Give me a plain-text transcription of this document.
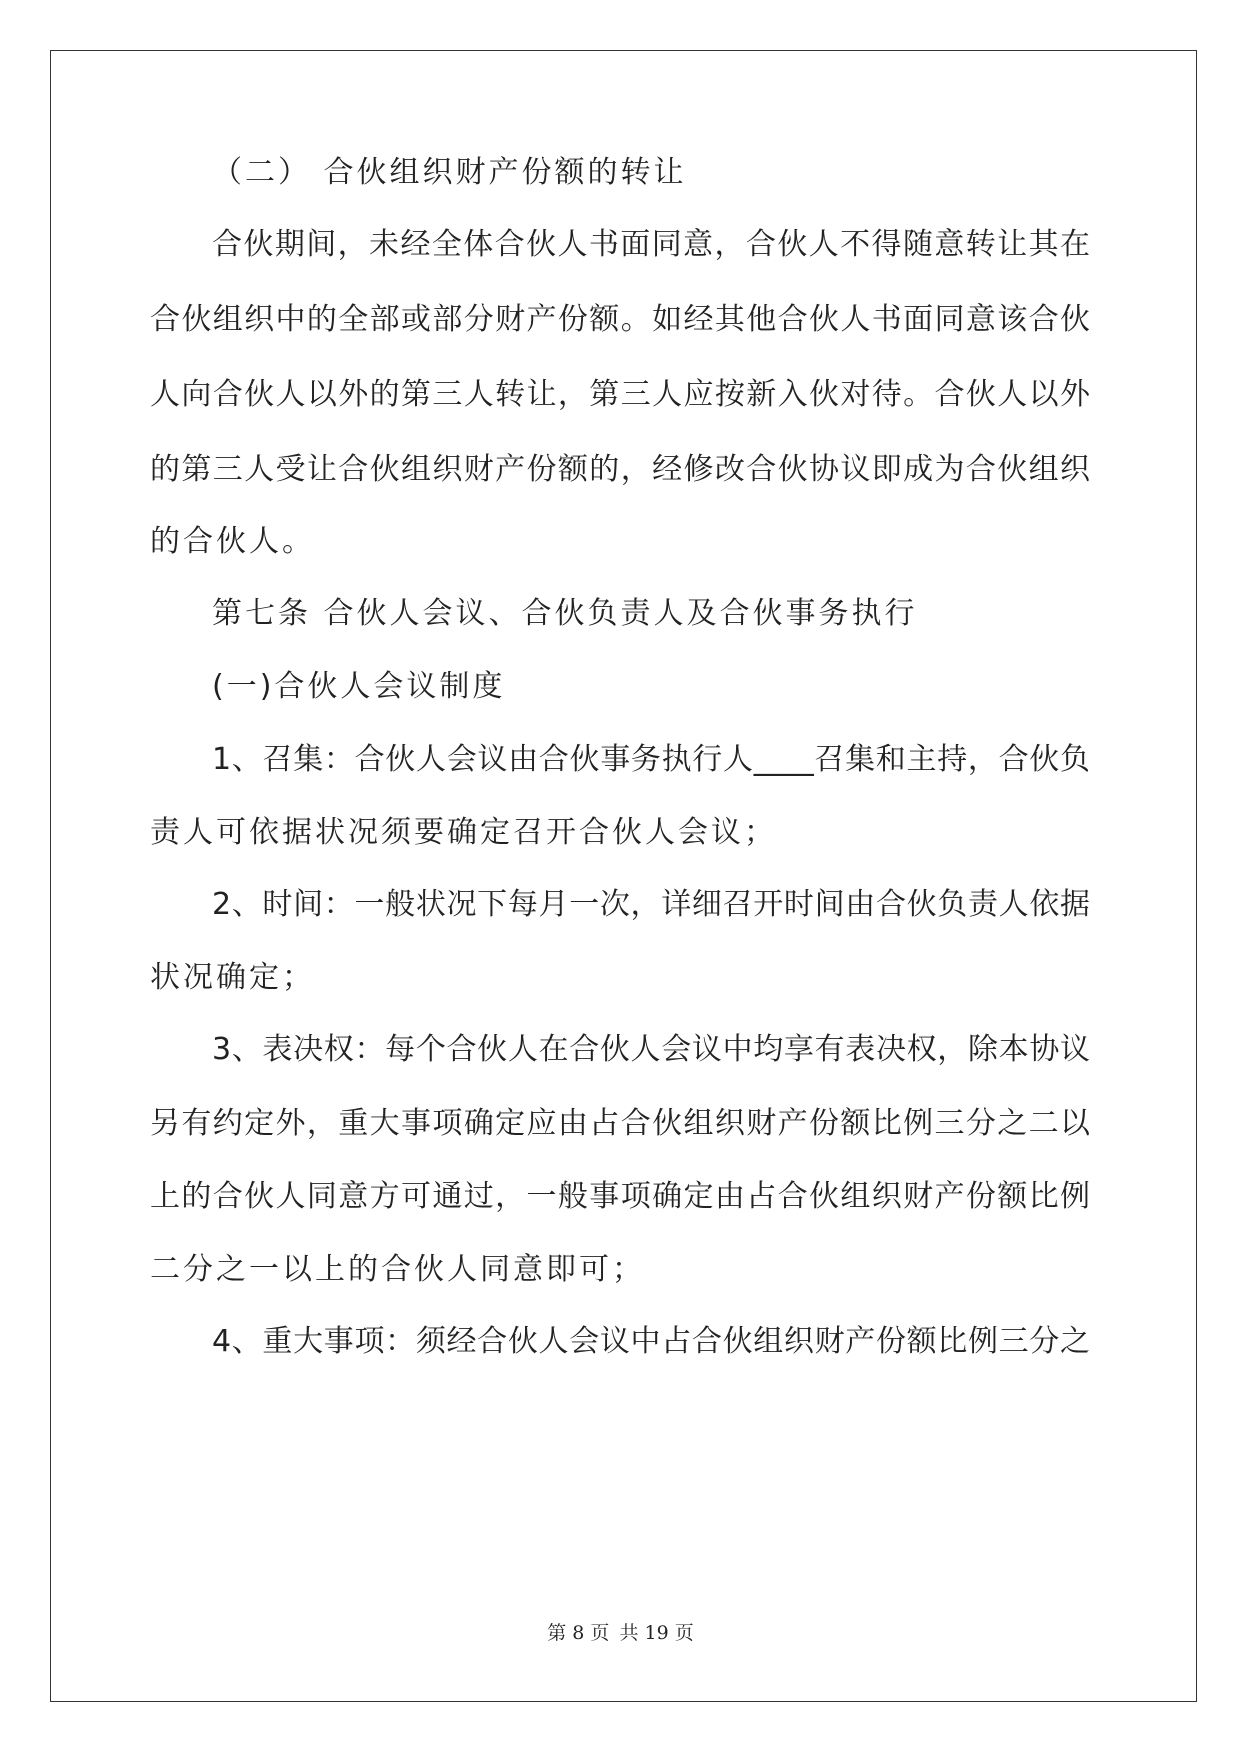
（二） 合伙组织财产份额的转让
合伙期间，未经全体合伙人书面同意，合伙人不得随意转让其在
合伙组织中的全部或部分财产份额。如经其他合伙人书面同意该合伙
人向合伙人以外的第三人转让，第三人应按新入伙对待。合伙人以外
的第三人受让合伙组织财产份额的，经修改合伙协议即成为合伙组织
的合伙人。
第七条 合伙人会议、合伙负责人及合伙事务执行
(一)合伙人会议制度
1、召集：合伙人会议由合伙事务执行人____召集和主持，合伙负
责人可依据状况须要确定召开合伙人会议；
2、时间：一般状况下每月一次，详细召开时间由合伙负责人依据
状况确定；
3、表决权：每个合伙人在合伙人会议中均享有表决权，除本协议
另有约定外，重大事项确定应由占合伙组织财产份额比例三分之二以
上的合伙人同意方可通过，一般事项确定由占合伙组织财产份额比例
二分之一以上的合伙人同意即可；
4、重大事项：须经合伙人会议中占合伙组织财产份额比例三分之
第 8 页 共 19 页
